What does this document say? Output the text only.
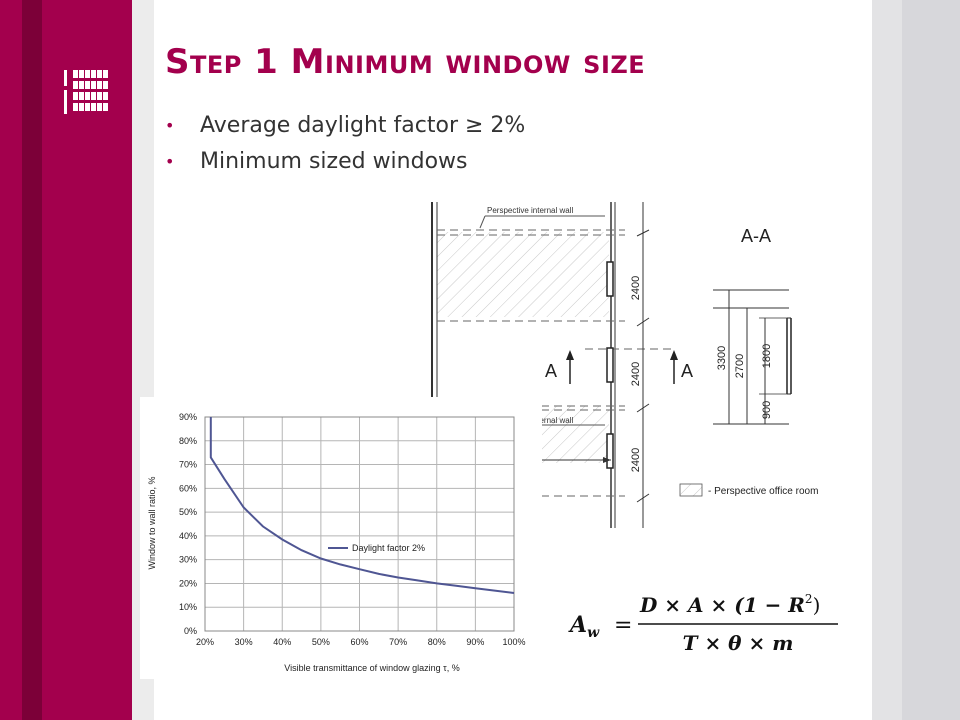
Step 1 Minimum window size
• Average daylight factor ≥ 2%
• Minimum sized windows
2400
2400
2400
Perspective internal wall
Perspective internal wall
4800
A	A
A-A
3300 2700 1800
900
- Perspective office room
0%
10%
20%
30%
40%
50%
60%
70%
80%
90%
20% 30% 40% 50% 60% 70% 80% 90% 100%
Daylight factor 2%
Visible transmittance of window glazing τ, %
Window to wall ratio, %
$A_w$ =
$D \times A \times (1 - R^2)$
T × θ × m
